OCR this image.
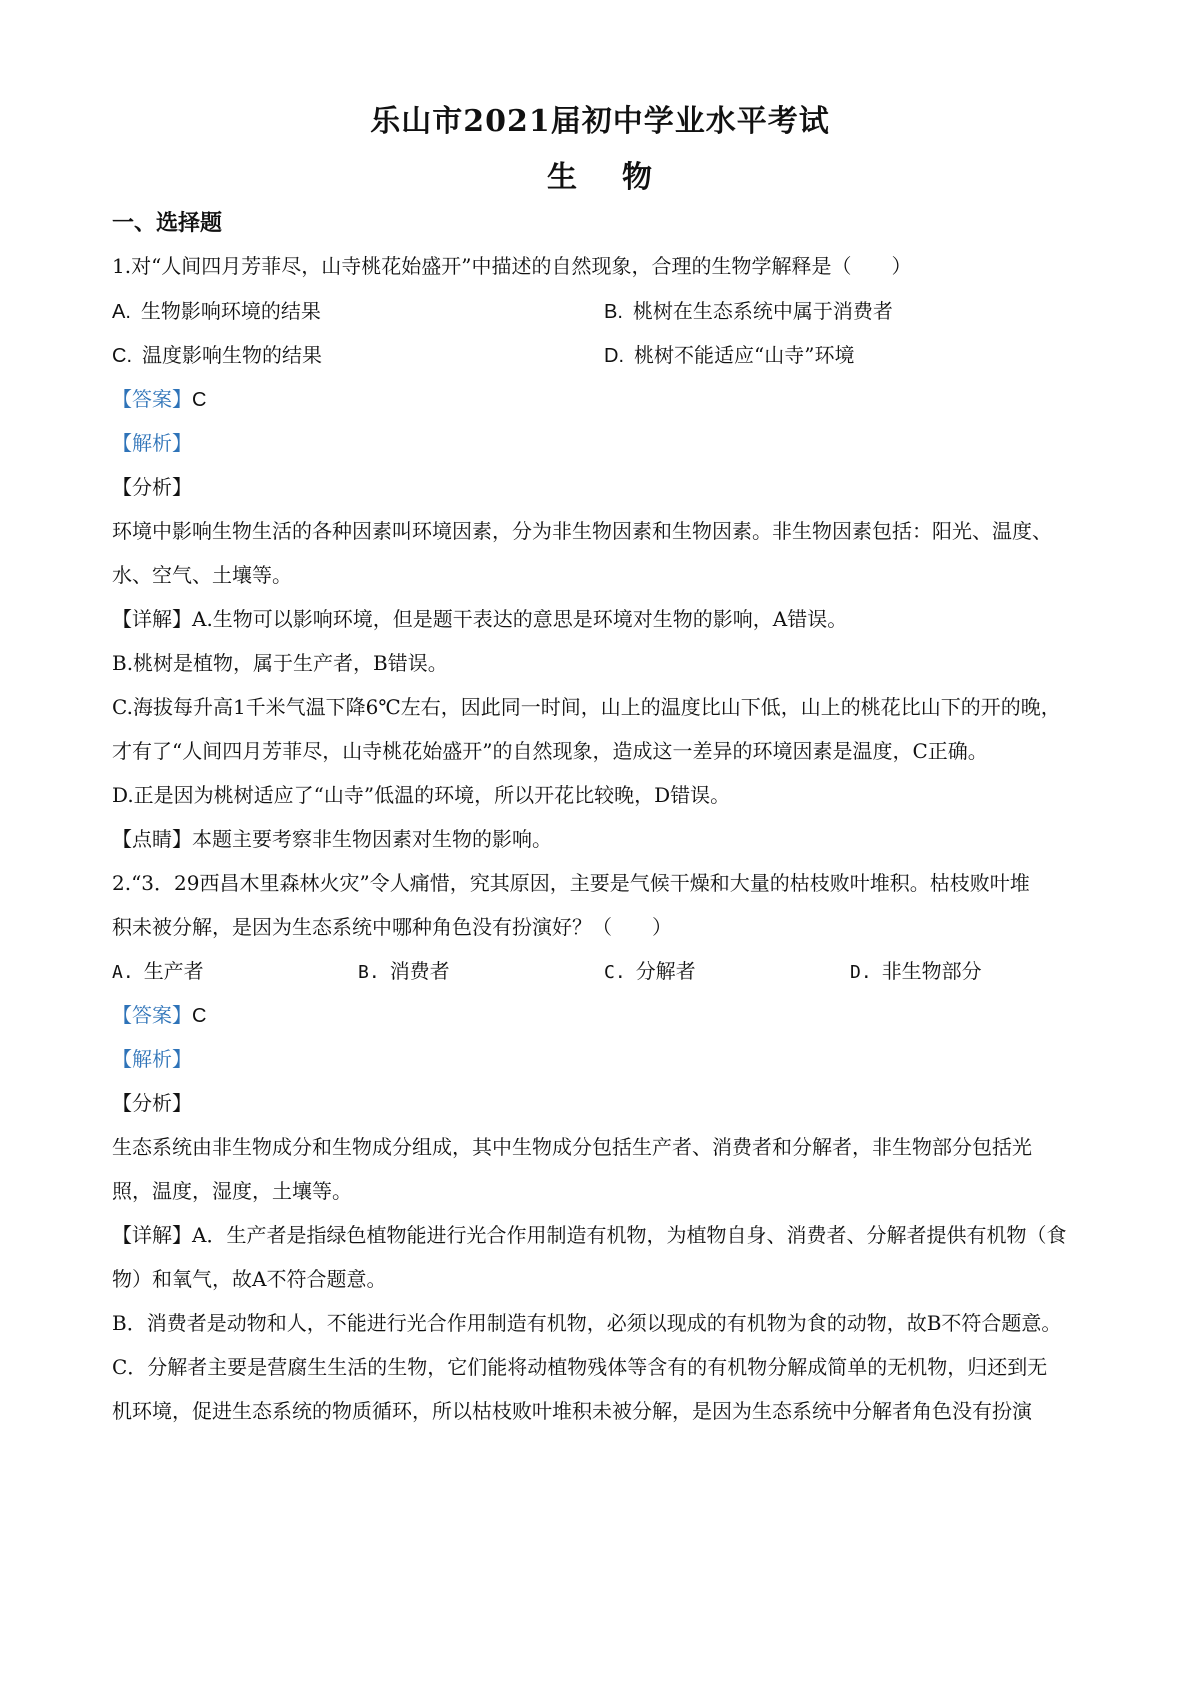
乐山市2021届初中学业水平考试
生 物
一、选择题
1.对“人间四月芳菲尽，山寺桃花始盛开”中描述的自然现象，合理的生物学解释是（　　）
A. 生物影响环境的结果	B. 桃树在生态系统中属于消费者
C. 温度影响生物的结果	D. 桃树不能适应“山寺”环境
【答案】C
【解析】
【分析】
环境中影响生物生活的各种因素叫环境因素，分为非生物因素和生物因素。非生物因素包括：阳光、温度、
水、空气、土壤等。
【详解】A.生物可以影响环境，但是题干表达的意思是环境对生物的影响，A错误。
B.桃树是植物，属于生产者，B错误。
C.海拔每升高1千米气温下降6℃左右，因此同一时间，山上的温度比山下低，山上的桃花比山下的开的晚，
才有了“人间四月芳菲尽，山寺桃花始盛开”的自然现象，造成这一差异的环境因素是温度，C正确。
D.正是因为桃树适应了“山寺”低温的环境，所以开花比较晚，D错误。
【点睛】本题主要考察非生物因素对生物的影响。
2.“3．29西昌木里森林火灾”令人痛惜，究其原因，主要是气候干燥和大量的枯枝败叶堆积。枯枝败叶堆
积未被分解，是因为生态系统中哪种角色没有扮演好？（　　）
A. 生产者	B. 消费者	C. 分解者	D. 非生物部分
【答案】C
【解析】
【分析】
生态系统由非生物成分和生物成分组成，其中生物成分包括生产者、消费者和分解者，非生物部分包括光
照，温度，湿度，土壤等。
【详解】A．生产者是指绿色植物能进行光合作用制造有机物，为植物自身、消费者、分解者提供有机物（食
物）和氧气，故A不符合题意。
B．消费者是动物和人，不能进行光合作用制造有机物，必须以现成的有机物为食的动物，故B不符合题意。
C．分解者主要是营腐生生活的生物，它们能将动植物残体等含有的有机物分解成简单的无机物，归还到无
机环境，促进生态系统的物质循环，所以枯枝败叶堆积未被分解，是因为生态系统中分解者角色没有扮演
